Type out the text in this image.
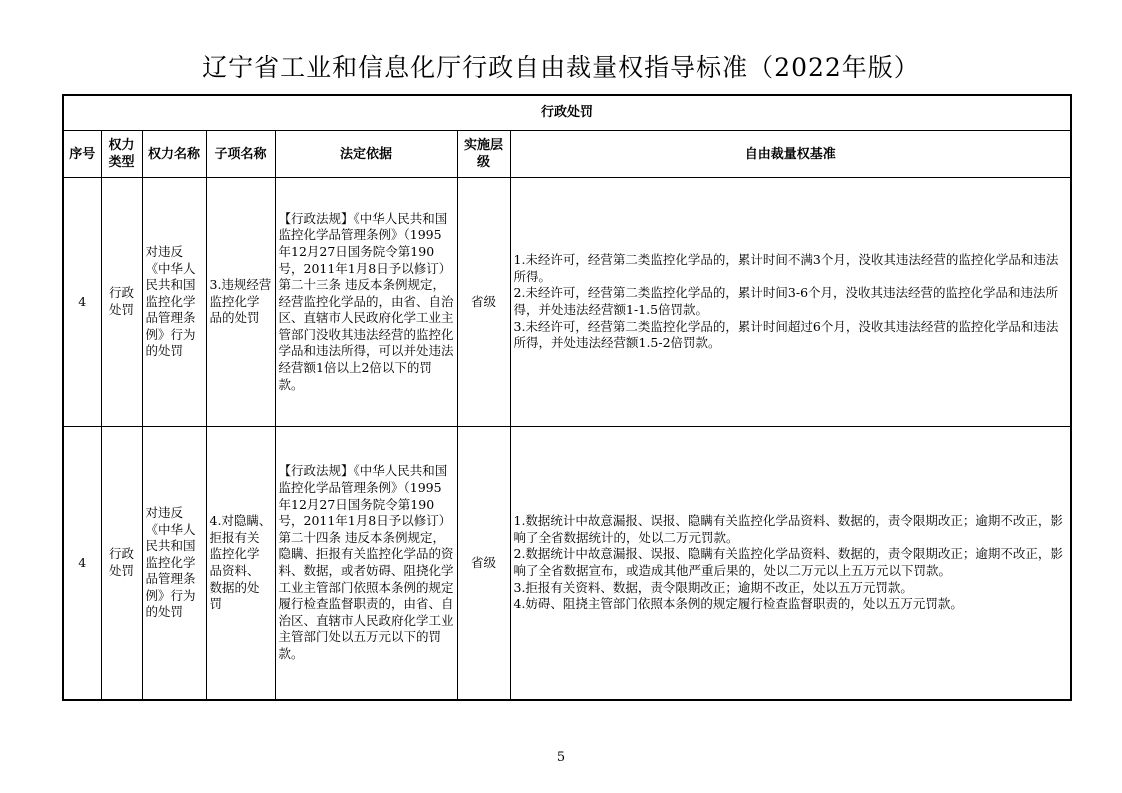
辽宁省工业和信息化厅行政自由裁量权指导标准（2022年版）
行政处罚						
序号	权力类型	权力名称	子项名称	法定依据	实施层级	自由裁量权基准
4	行政处罚	对违反《中华人民共和国监控化学品管理条例》行为的处罚	3.违规经营监控化学品的处罚	【行政法规】《中华人民共和国监控化学品管理条例》（1995年12月27日国务院令第190号，2011年1月8日予以修订）第二十三条 违反本条例规定，经营监控化学品的，由省、自治区、直辖市人民政府化学工业主管部门没收其违法经营的监控化学品和违法所得，可以并处违法经营额1倍以上2倍以下的罚款。	省级	1.未经许可，经营第二类监控化学品的，累计时间不满3个月，没收其违法经营的监控化学品和违法所得。
2.未经许可，经营第二类监控化学品的，累计时间3-6个月，没收其违法经营的监控化学品和违法所得，并处违法经营额1-1.5倍罚款。
3.未经许可，经营第二类监控化学品的，累计时间超过6个月，没收其违法经营的监控化学品和违法所得，并处违法经营额1.5-2倍罚款。

4	行政处罚	对违反《中华人民共和国监控化学品管理条例》行为的处罚	4.对隐瞒、拒报有关监控化学品资料、数据的处罚	【行政法规】《中华人民共和国监控化学品管理条例》（1995年12月27日国务院令第190号，2011年1月8日予以修订）第二十四条 违反本条例规定，隐瞒、拒报有关监控化学品的资料、数据，或者妨碍、阻挠化学工业主管部门依照本条例的规定履行检查监督职责的，由省、自治区、直辖市人民政府化学工业主管部门处以五万元以下的罚款。	省级	1.数据统计中故意漏报、误报、隐瞒有关监控化学品资料、数据的，责令限期改正；逾期不改正，影响了全省数据统计的，处以二万元罚款。
2.数据统计中故意漏报、误报、隐瞒有关监控化学品资料、数据的，责令限期改正；逾期不改正，影响了全省数据宣布，或造成其他严重后果的，处以二万元以上五万元以下罚款。
3.拒报有关资料、数据，责令限期改正；逾期不改正，处以五万元罚款。
4.妨碍、阻挠主管部门依照本条例的规定履行检查监督职责的，处以五万元罚款。
5
